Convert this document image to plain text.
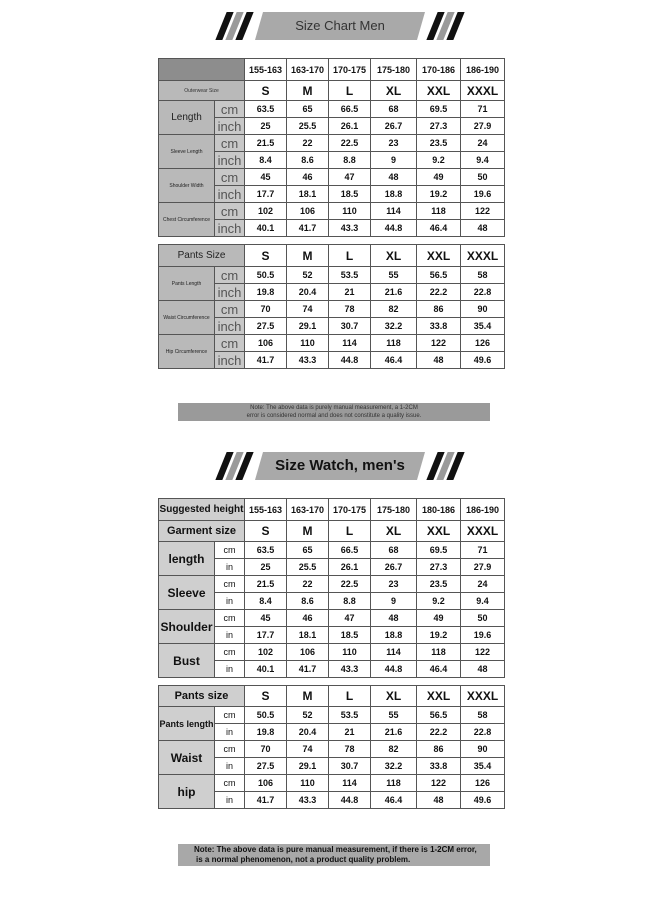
Size Chart Men
		155-163	163-170	170-175	175-180	170-186	186-190
Outerwear Size		S	M	L	XL	XXL	XXXL
Length	cm	63.5	65	66.5	68	69.5	71
	inch	25	25.5	26.1	26.7	27.3	27.9
Sleeve Length	cm	21.5	22	22.5	23	23.5	24
	inch	8.4	8.6	8.8	9	9.2	9.4
Shoulder Width	cm	45	46	47	48	49	50
	inch	17.7	18.1	18.5	18.8	19.2	19.6
Chest Circumference	cm	102	106	110	114	118	122
	inch	40.1	41.7	43.3	44.8	46.4	48

Pants Size		S	M	L	XL	XXL	XXXL
Pants Length	cm	50.5	52	53.5	55	56.5	58
	inch	19.8	20.4	21	21.6	22.2	22.8
Waist Circumference	cm	70	74	78	82	86	90
	inch	27.5	29.1	30.7	32.2	33.8	35.4
Hip Circumference	cm	106	110	114	118	122	126
	inch	41.7	43.3	44.8	46.4	48	49.6
Note: The above data is purely manual measurement, a 1-2CM
error is considered normal and does not constitute a quality issue.
Size Watch, men's
Suggested height		155-163	163-170	170-175	175-180	180-186	186-190
Garment size		S	M	L	XL	XXL	XXXL
length	cm	63.5	65	66.5	68	69.5	71
	in	25	25.5	26.1	26.7	27.3	27.9
Sleeve	cm	21.5	22	22.5	23	23.5	24
	in	8.4	8.6	8.8	9	9.2	9.4
Shoulder	cm	45	46	47	48	49	50
	in	17.7	18.1	18.5	18.8	19.2	19.6
Bust	cm	102	106	110	114	118	122
	in	40.1	41.7	43.3	44.8	46.4	48

Pants size		S	M	L	XL	XXL	XXXL
Pants length	cm	50.5	52	53.5	55	56.5	58
	in	19.8	20.4	21	21.6	22.2	22.8
Waist	cm	70	74	78	82	86	90
	in	27.5	29.1	30.7	32.2	33.8	35.4
hip	cm	106	110	114	118	122	126
	in	41.7	43.3	44.8	46.4	48	49.6
Note: The above data is pure manual measurement, if there is 1-2CM error,
is a normal phenomenon, not a product quality problem.
